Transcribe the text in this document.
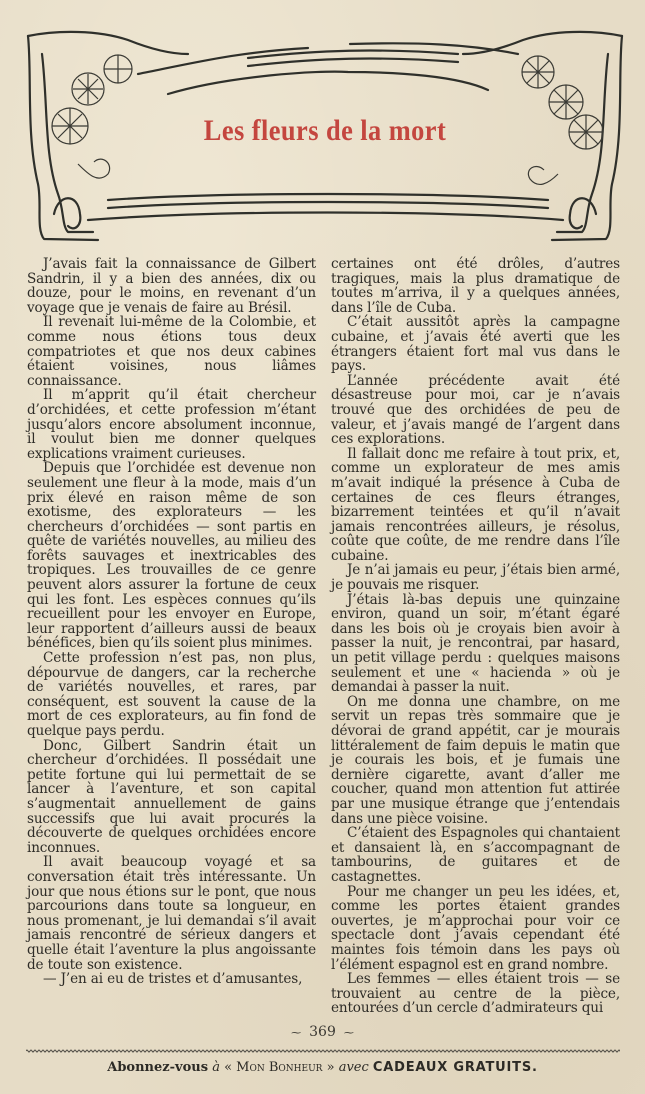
Les fleurs de la mort

J’avais fait la connaissance de Gilbert Sandrin, il y a bien des années, dix ou douze, pour le moins, en revenant d’un voyage que je venais de faire au Brésil.

Il revenait lui-même de la Colombie, et comme nous étions tous deux compatriotes et que nos deux cabines étaient voisines, nous liâmes connaissance.

Il m’apprit qu’il était chercheur d’orchidées, et cette profession m’étant jusqu’alors encore absolument inconnue, il voulut bien me donner quelques explications vraiment curieuses.

Depuis que l’orchidée est devenue non seulement une fleur à la mode, mais d’un prix élevé en raison même de son exotisme, des explorateurs — les chercheurs d’orchidées — sont partis en quête de variétés nouvelles, au milieu des forêts sauvages et inextricables des tropiques. Les trouvailles de ce genre peuvent alors assurer la fortune de ceux qui les font. Les espèces connues qu’ils recueillent pour les envoyer en Europe, leur rapportent d’ailleurs aussi de beaux bénéfices, bien qu’ils soient plus minimes.

Cette profession n’est pas, non plus, dépourvue de dangers, car la recherche de variétés nouvelles, et rares, par conséquent, est souvent la cause de la mort de ces explorateurs, au fin fond de quelque pays perdu.

Donc, Gilbert Sandrin était un chercheur d’orchidées. Il possédait une petite fortune qui lui permettait de se lancer à l’aventure, et son capital s’augmentait annuellement de gains successifs que lui avait procurés la découverte de quelques orchidées encore inconnues.

Il avait beaucoup voyagé et sa conversation était très intéressante. Un jour que nous étions sur le pont, que nous parcourions dans toute sa longueur, en nous promenant, je lui demandai s’il avait jamais rencontré de sérieux dangers et quelle était l’aventure la plus angoissante de toute son existence.

— J’en ai eu de tristes et d’amusantes,

certaines ont été drôles, d’autres tragiques, mais la plus dramatique de toutes m’arriva, il y a quelques années, dans l’île de Cuba.

C’était aussitôt après la campagne cubaine, et j’avais été averti que les étrangers étaient fort mal vus dans le pays.

L’année précédente avait été désastreuse pour moi, car je n’avais trouvé que des orchidées de peu de valeur, et j’avais mangé de l’argent dans ces explorations.

Il fallait donc me refaire à tout prix, et, comme un explorateur de mes amis m’avait indiqué la présence à Cuba de certaines de ces fleurs étranges, bizarrement teintées et qu’il n’avait jamais rencontrées ailleurs, je résolus, coûte que coûte, de me rendre dans l’île cubaine.

Je n’ai jamais eu peur, j’étais bien armé, je pouvais me risquer.

J’étais là-bas depuis une quinzaine environ, quand un soir, m’étant égaré dans les bois où je croyais bien avoir à passer la nuit, je rencontrai, par hasard, un petit village perdu : quelques maisons seulement et une « hacienda » où je demandai à passer la nuit.

On me donna une chambre, on me servit un repas très sommaire que je dévorai de grand appétit, car je mourais littéralement de faim depuis le matin que je courais les bois, et je fumais une dernière cigarette, avant d’aller me coucher, quand mon attention fut attirée par une musique étrange que j’entendais dans une pièce voisine.

C’étaient des Espagnoles qui chantaient et dansaient là, en s’accompagnant de tambourins, de guitares et de castagnettes.

Pour me changer un peu les idées, et, comme les portes étaient grandes ouvertes, je m’approchai pour voir ce spectacle dont j’avais cependant été maintes fois témoin dans les pays où l’élément espagnol est en grand nombre.

Les femmes — elles étaient trois — se trouvaient au centre de la pièce, entourées d’un cercle d’admirateurs qui

⁓ 369 ⁓
Abonnez-vous à « Mon Bonheur » avec CADEAUX GRATUITS.
